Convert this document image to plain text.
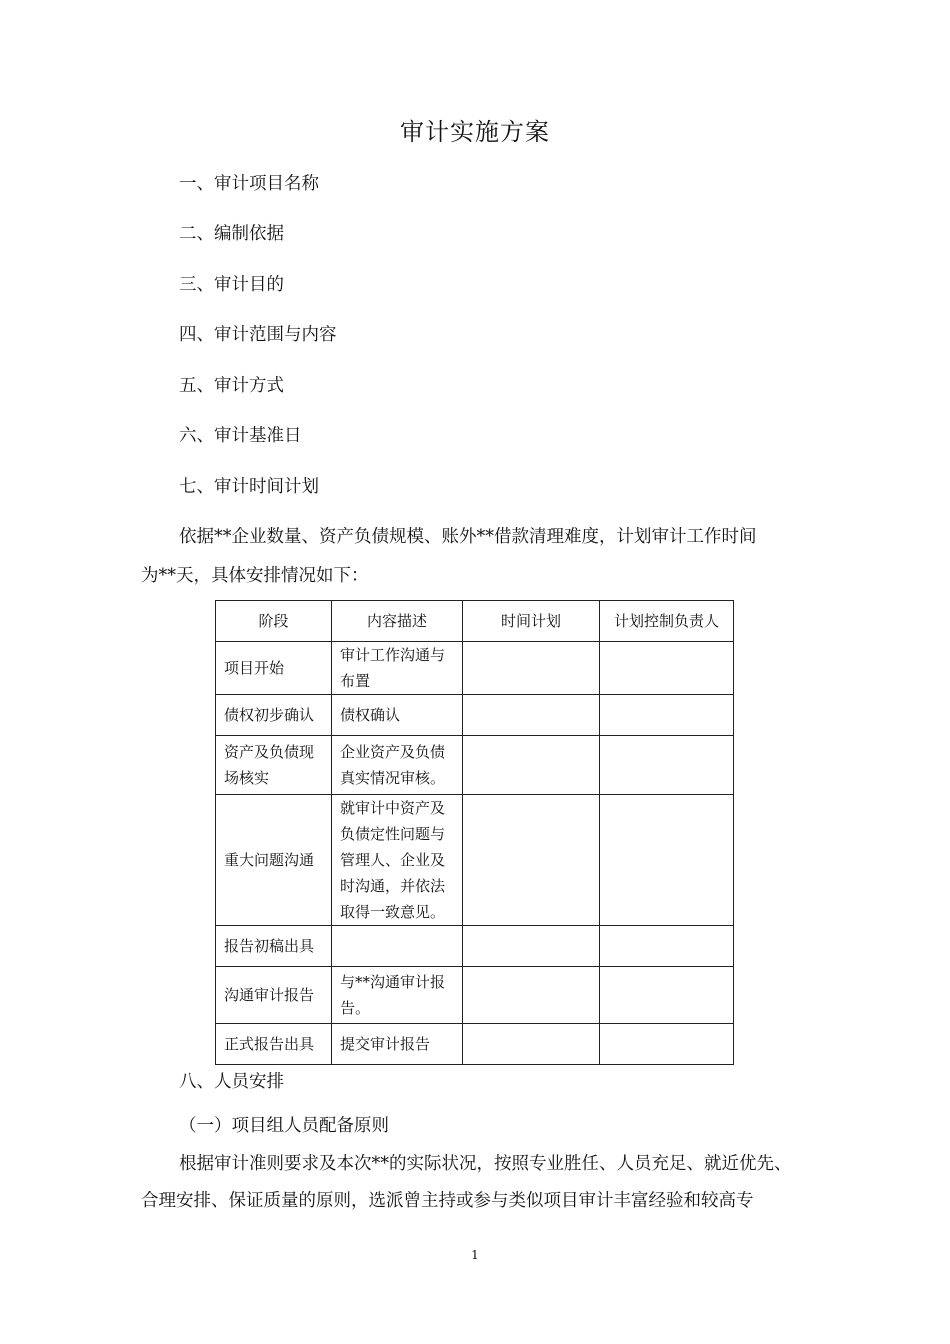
审计实施方案
一、审计项目名称
二、编制依据
三、审计目的
四、审计范围与内容
五、审计方式
六、审计基准日
七、审计时间计划
依据**企业数量、资产负债规模、账外**借款清理难度，计划审计工作时间
为**天，具体安排情况如下：
阶段	内容描述	时间计划	计划控制负责人
项目开始	审计工作沟通与布置		
债权初步确认	债权确认		
资产及负债现场核实	企业资产及负债真实情况审核。		
重大问题沟通	就审计中资产及负债定性问题与管理人、企业及时沟通，并依法取得一致意见。		
报告初稿出具			
沟通审计报告	与**沟通审计报告。		
正式报告出具	提交审计报告		
八、人员安排
（一）项目组人员配备原则
根据审计准则要求及本次**的实际状况，按照专业胜任、人员充足、就近优先、
合理安排、保证质量的原则，选派曾主持或参与类似项目审计丰富经验和较高专
1
